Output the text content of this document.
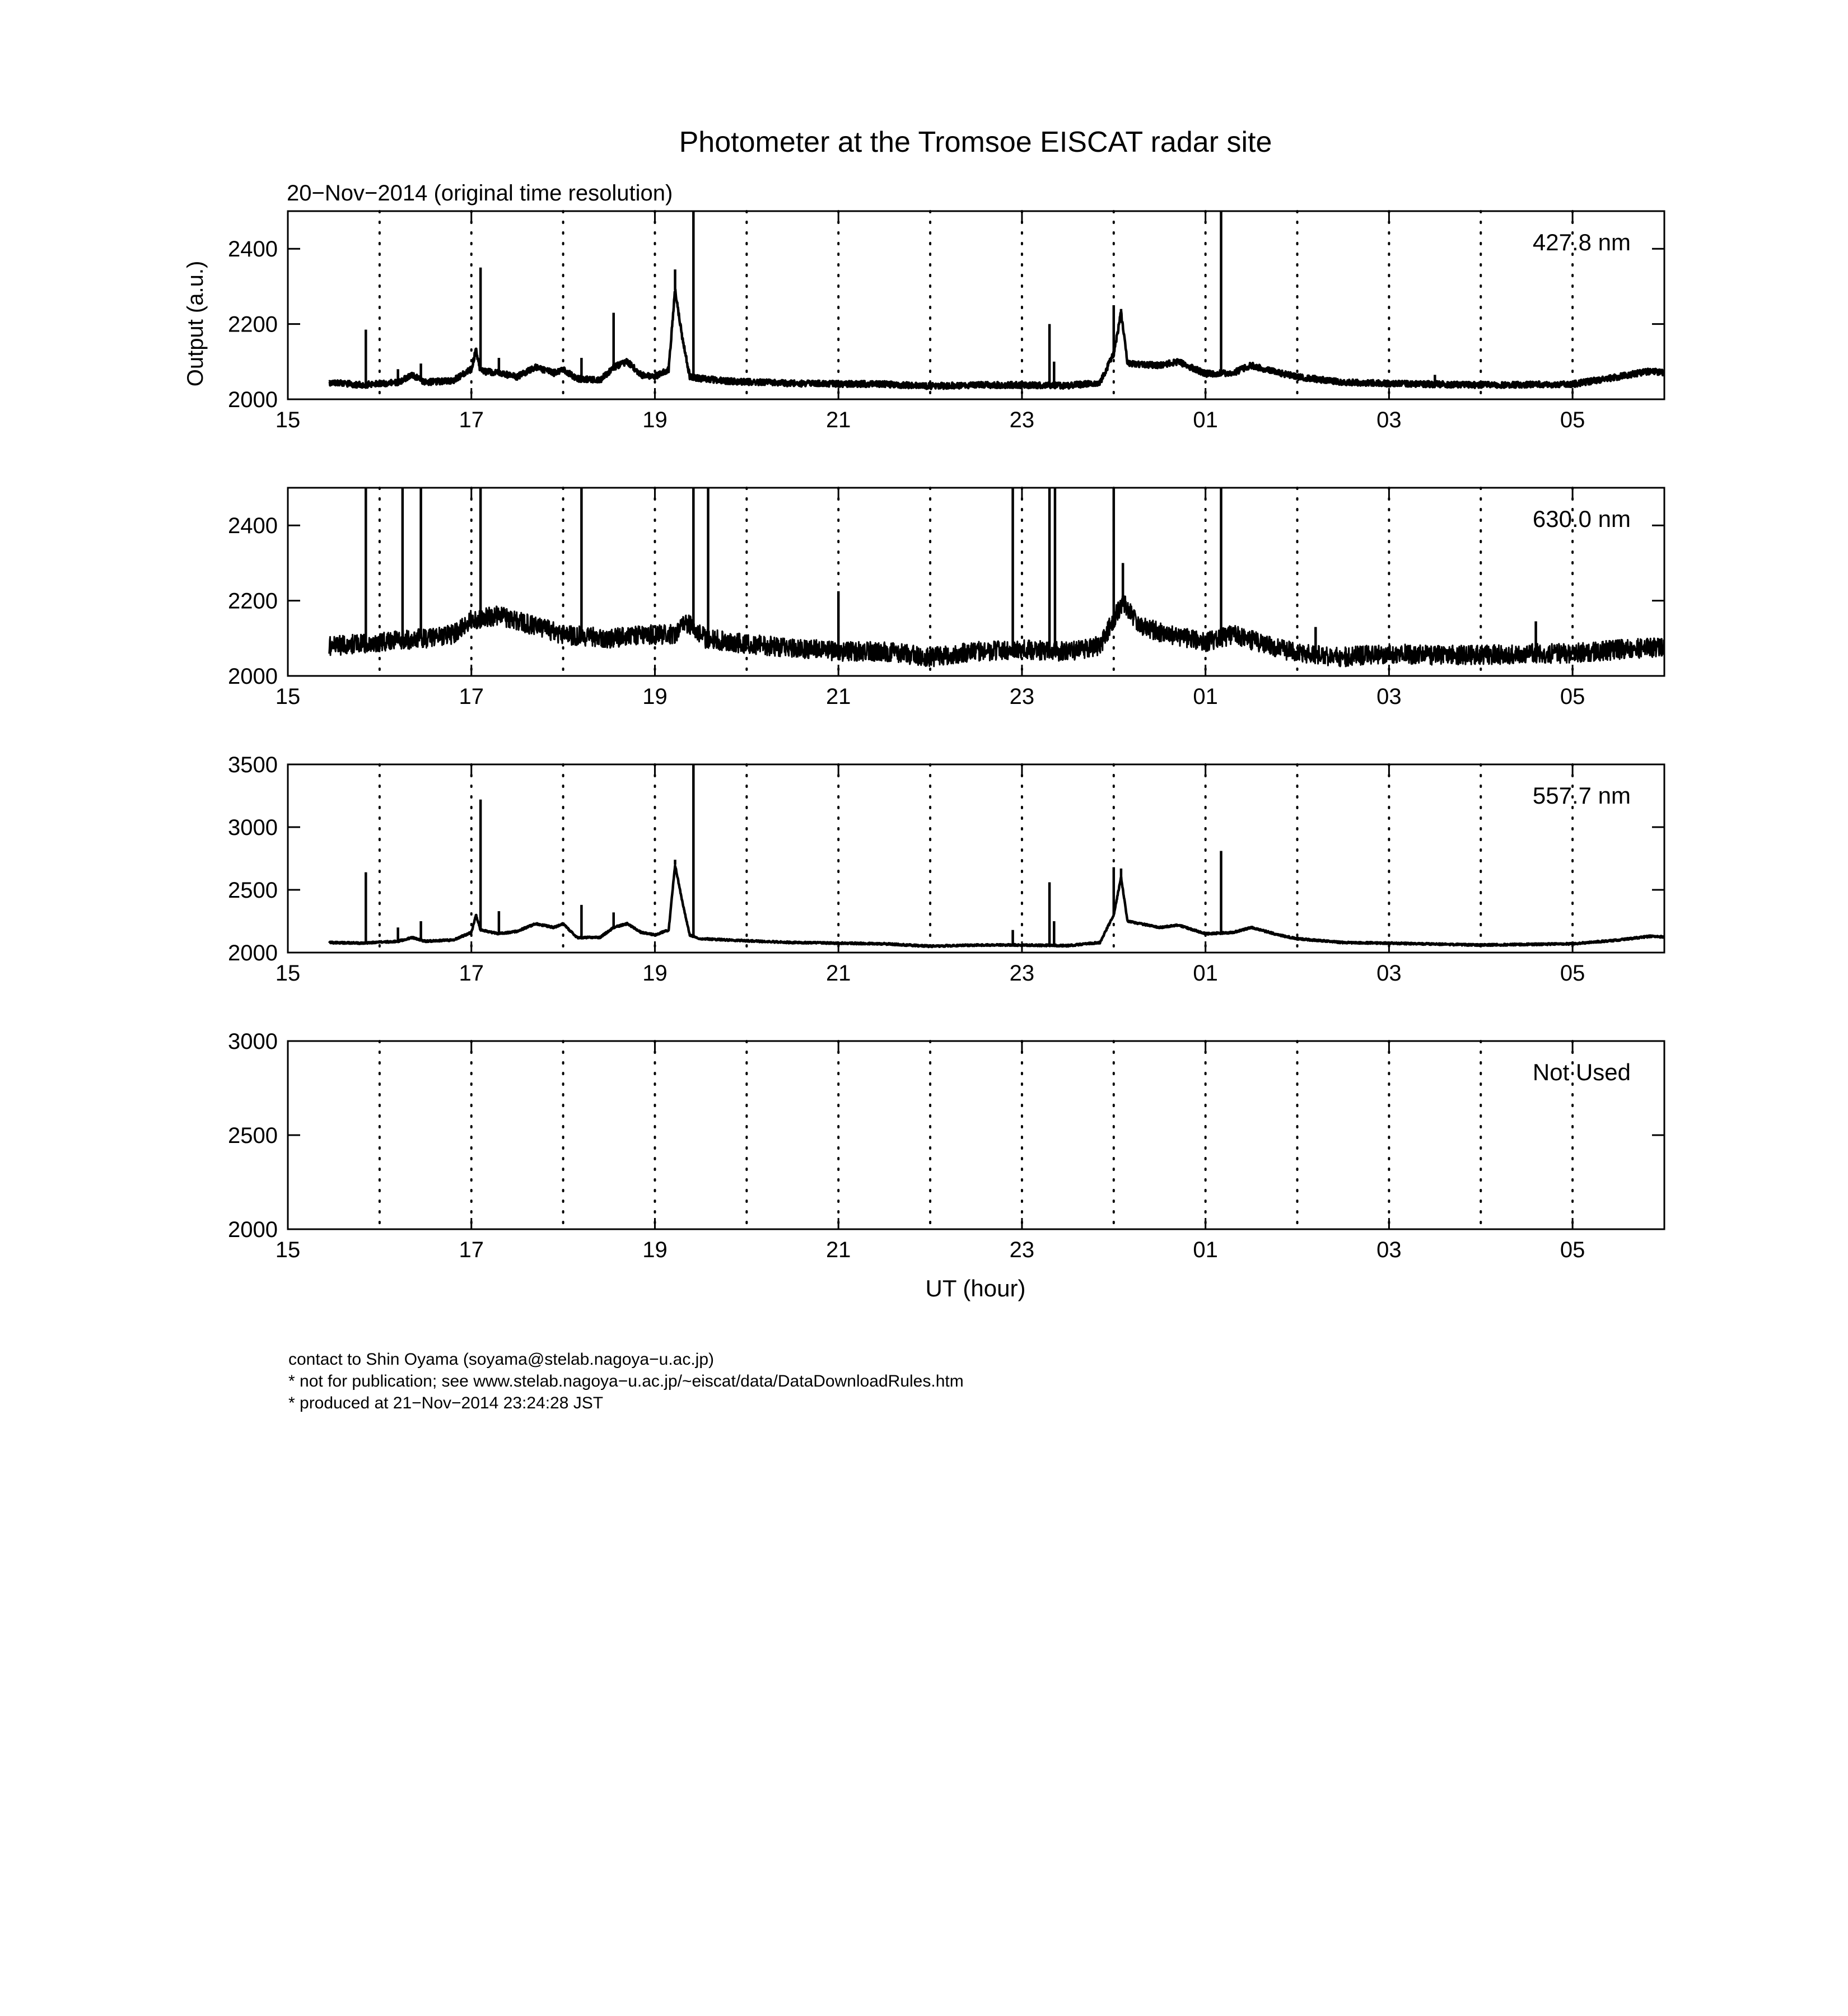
Photometer at the Tromsoe EISCAT radar site
20−Nov−2014 (original time resolution)
Output (a.u.)
UT (hour)
15	17	19	21	23	01	03	05
2000
2200
2400	427.8 nm
15	17	19	21	23	01	03	05
2000
2200
2400	630.0 nm
15	17	19	21	23	01	03	05
2000
2500
3000
3500
557.7 nm
15	17	19	21	23	01	03	05
2000
2500
3000
Not Used
contact to Shin Oyama (soyama@stelab.nagoya−u.ac.jp)
* not for publication; see www.stelab.nagoya−u.ac.jp/~eiscat/data/DataDownloadRules.htm
* produced at 21−Nov−2014 23:24:28 JST
